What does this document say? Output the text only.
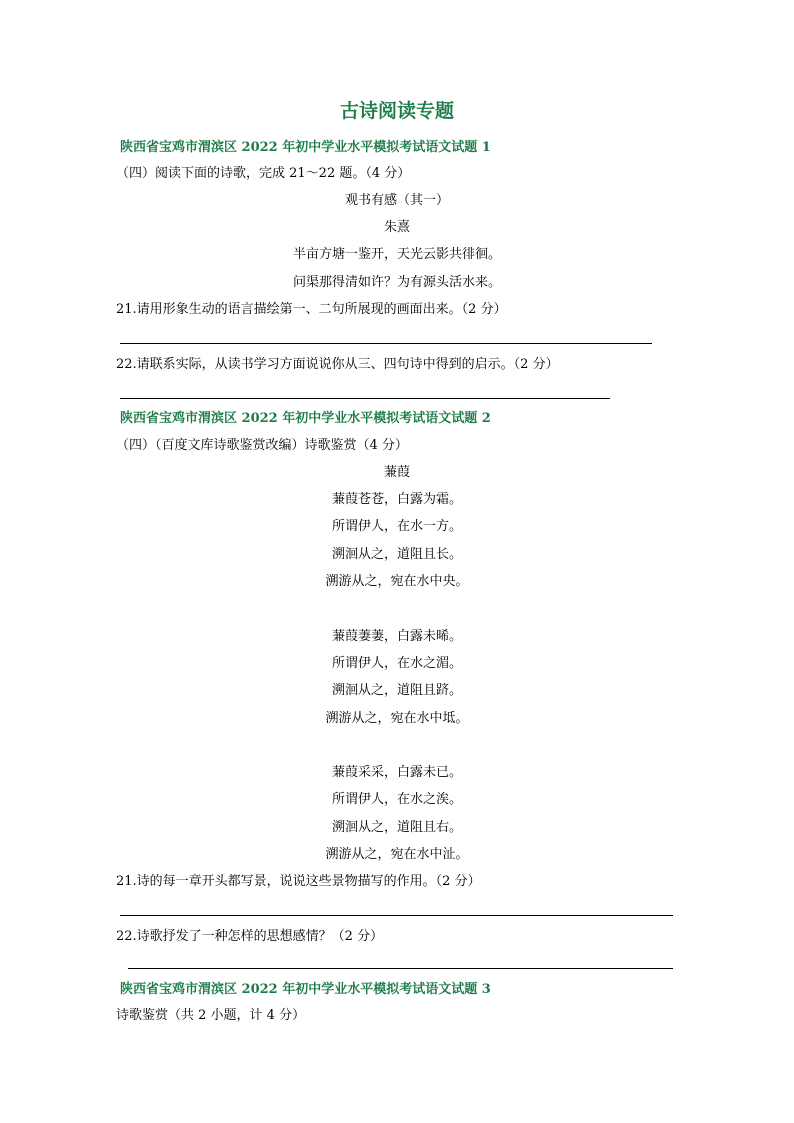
古诗阅读专题
陕西省宝鸡市渭滨区 2022 年初中学业水平模拟考试语文试题 1
（四）阅读下面的诗歌，完成 21～22 题。（4 分）
观书有感（其一）
朱熹
半亩方塘一鉴开，天光云影共徘徊。
问渠那得清如许？为有源头活水来。
21.请用形象生动的语言描绘第一、二句所展现的画面出来。（2 分）
22.请联系实际，从读书学习方面说说你从三、四句诗中得到的启示。（2 分）
陕西省宝鸡市渭滨区 2022 年初中学业水平模拟考试语文试题 2
（四）（百度文库诗歌鉴赏改编）诗歌鉴赏（4 分）
蒹葭
蒹葭苍苍，白露为霜。
所谓伊人，在水一方。
溯洄从之，道阻且长。
溯游从之，宛在水中央。
蒹葭萋萋，白露未晞。
所谓伊人，在水之湄。
溯洄从之，道阻且跻。
溯游从之，宛在水中坻。
蒹葭采采，白露未已。
所谓伊人，在水之涘。
溯洄从之，道阻且右。
溯游从之，宛在水中沚。
21.诗的每一章开头都写景，说说这些景物描写的作用。（2 分）
22.诗歌抒发了一种怎样的思想感情？（2 分）
陕西省宝鸡市渭滨区 2022 年初中学业水平模拟考试语文试题 3
诗歌鉴赏（共 2 小题，计 4 分）
